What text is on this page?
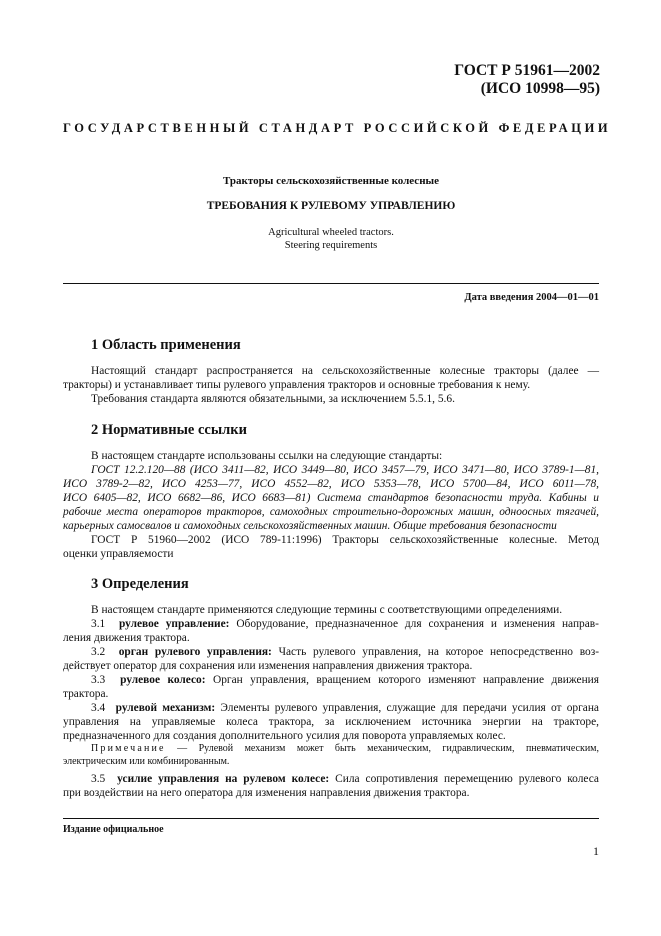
ГОСТ Р 51961—2002
(ИСО 10998—95)
ГОСУДАРСТВЕННЫЙ СТАНДАРТ РОССИЙСКОЙ ФЕДЕРАЦИИ
Тракторы сельскохозяйственные колесные
ТРЕБОВАНИЯ К РУЛЕВОМУ УПРАВЛЕНИЮ
Agricultural wheeled tractors.
Steering requirements
Дата введения 2004—01—01
1 Область применения
Настоящий стандарт распространяется на сельскохозяйственные колесные тракторы (далее —
тракторы) и устанавливает типы рулевого управления тракторов и основные требования к нему.
Требования стандарта являются обязательными, за исключением 5.5.1, 5.6.
2 Нормативные ссылки
В настоящем стандарте использованы ссылки на следующие стандарты:
ГОСТ 12.2.120—88 (ИСО 3411—82, ИСО 3449—80, ИСО 3457—79, ИСО 3471—80, ИСО 3789-1—81,
ИСО 3789-2—82, ИСО 4253—77, ИСО 4552—82, ИСО 5353—78, ИСО 5700—84, ИСО 6011—78,
ИСО 6405—82, ИСО 6682—86, ИСО 6683—81) Система стандартов безопасности труда. Кабины и
рабочие места операторов тракторов, самоходных строительно-дорожных машин, одноосных тягачей,
карьерных самосвалов и самоходных сельскохозяйственных машин. Общие требования безопасности
ГОСТ Р 51960—2002 (ИСО 789-11:1996) Тракторы сельскохозяйственные колесные. Метод
оценки управляемости
3 Определения
В настоящем стандарте применяются следующие термины с соответствующими определениями.
3.1 рулевое управление: Оборудование, предназначенное для сохранения и изменения направ-
ления движения трактора.
3.2 орган рулевого управления: Часть рулевого управления, на которое непосредственно воз-
действует оператор для сохранения или изменения направления движения трактора.
3.3 рулевое колесо: Орган управления, вращением которого изменяют направление движения
трактора.
3.4 рулевой механизм: Элементы рулевого управления, служащие для передачи усилия от органа
управления на управляемые колеса трактора, за исключением источника энергии на тракторе,
предназначенного для создания дополнительного усилия для поворота управляемых колес.
Примечание — Рулевой механизм может быть механическим, гидравлическим, пневматическим,
электрическим или комбинированным.
3.5 усилие управления на рулевом колесе: Сила сопротивления перемещению рулевого колеса
при воздействии на него оператора для изменения направления движения трактора.
Издание официальное
1
